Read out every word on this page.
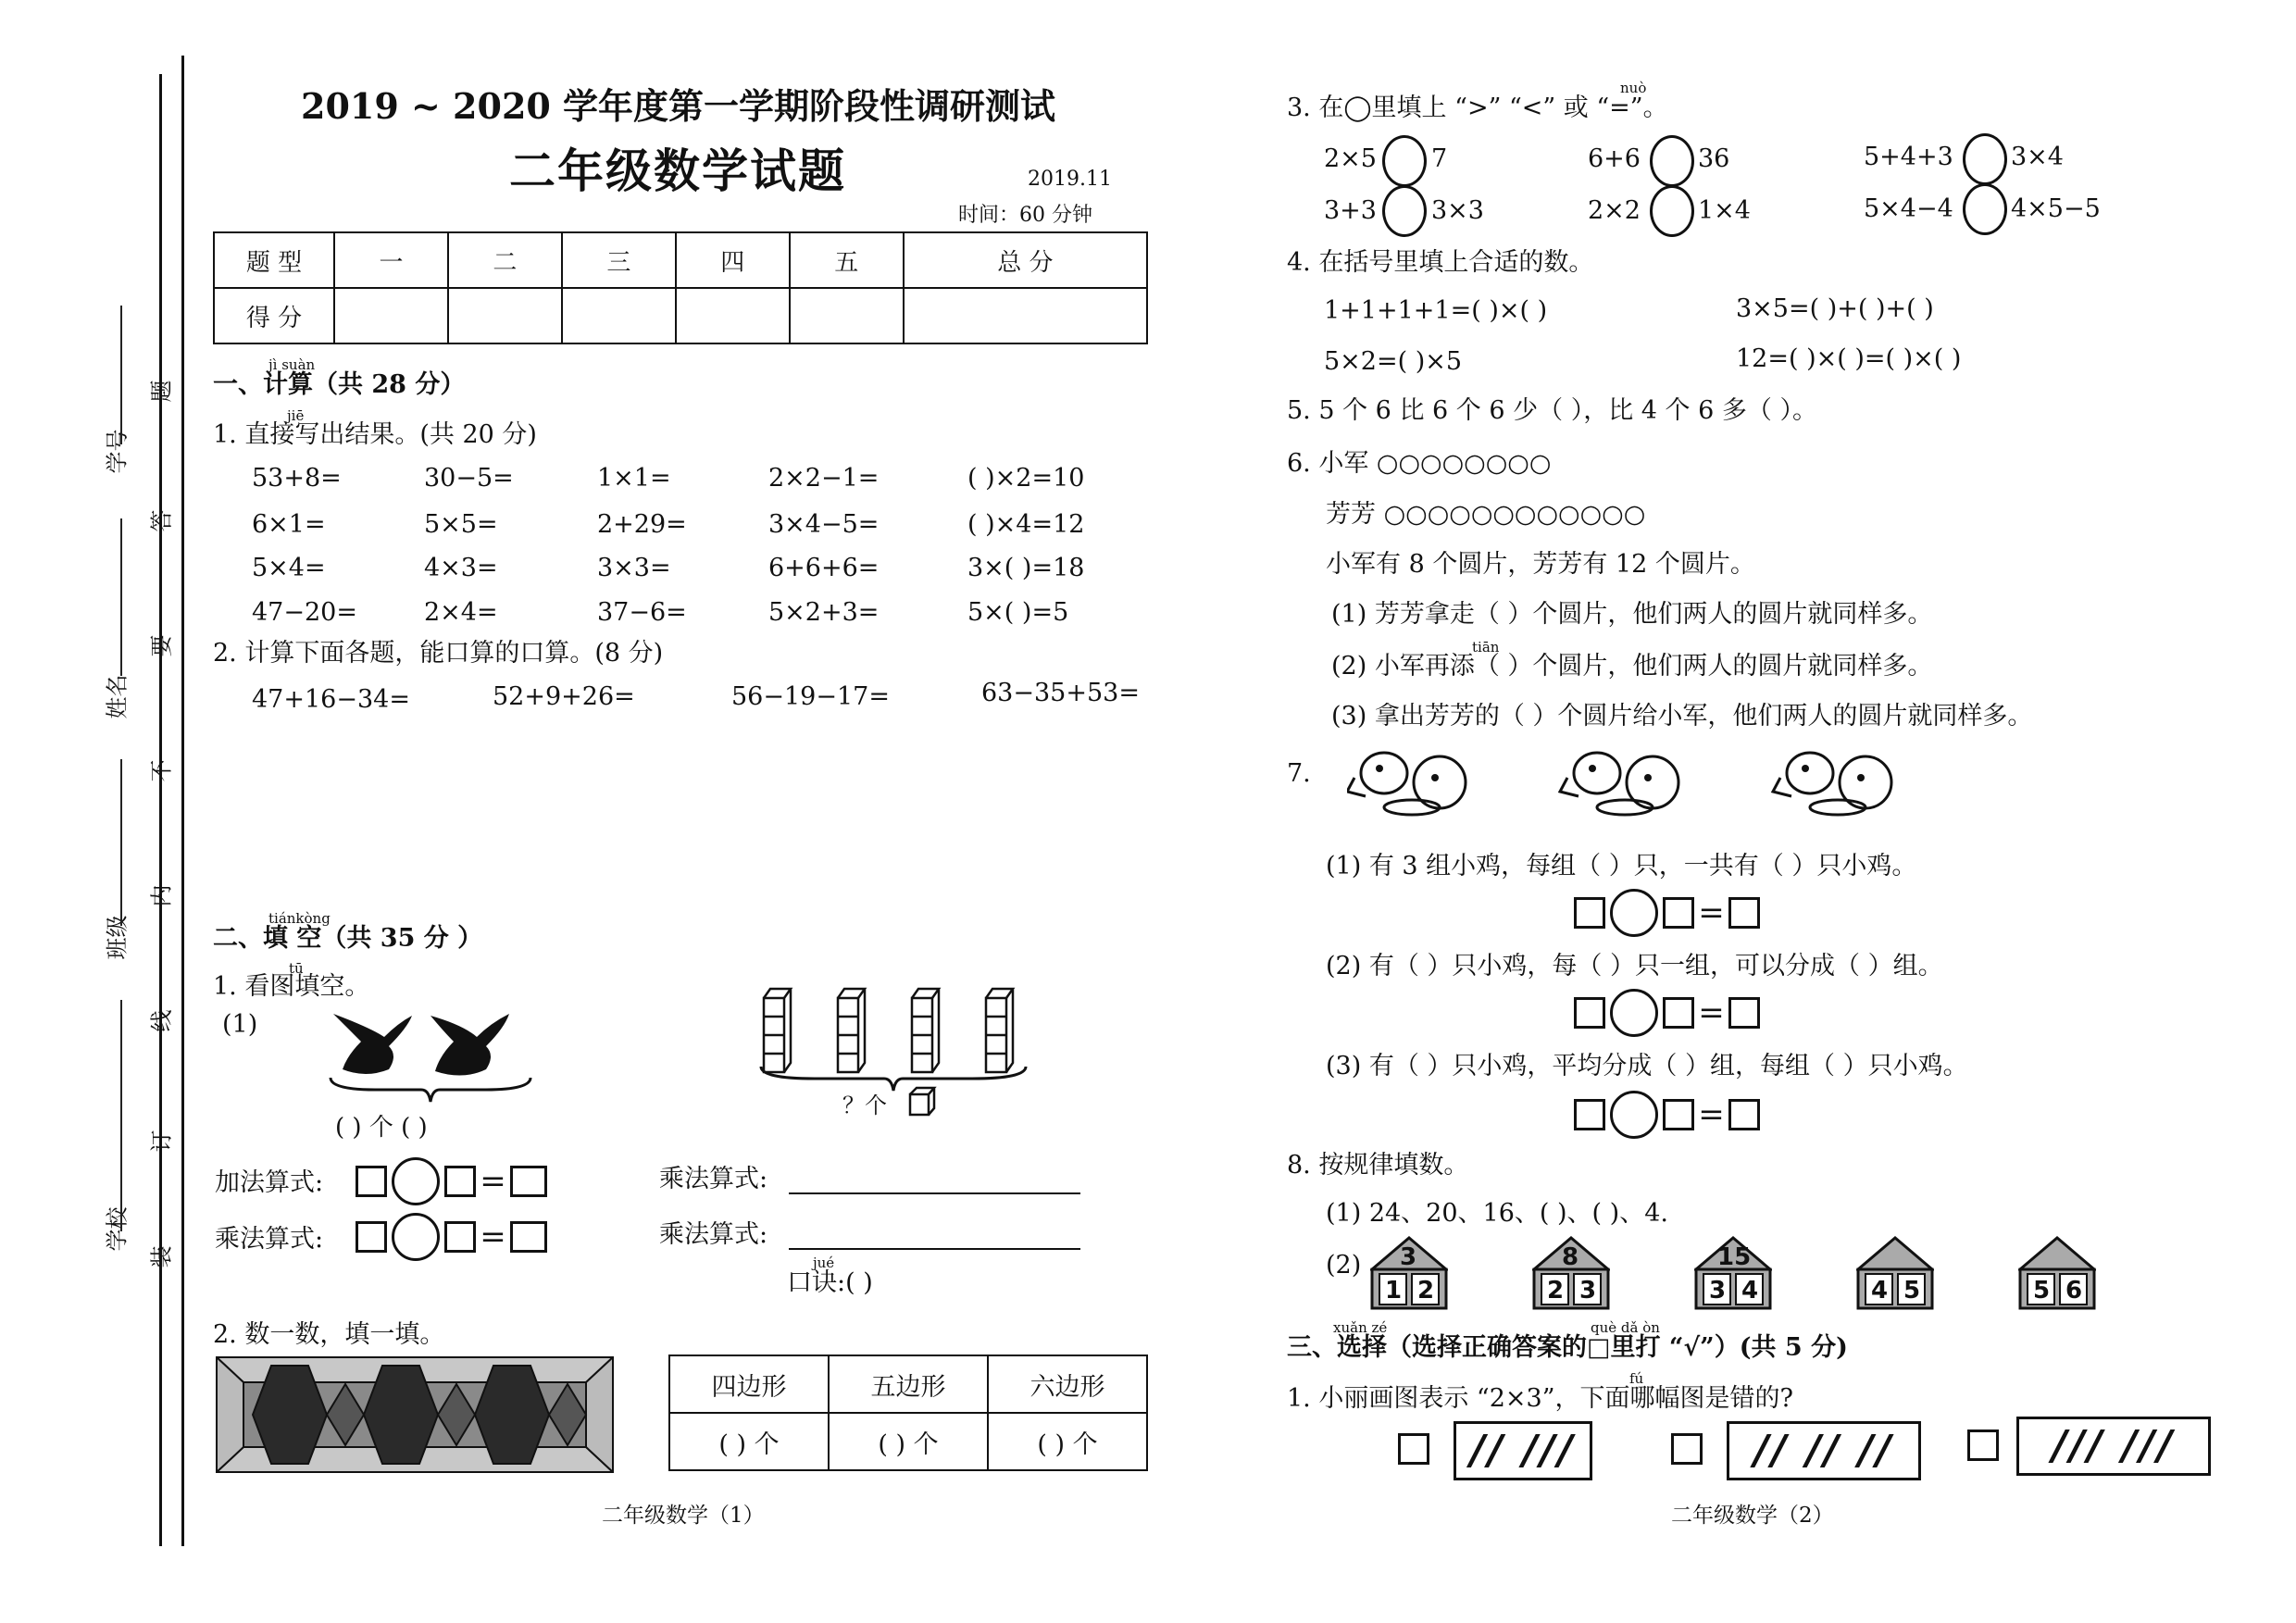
学号
姓名
班级
学校
题
答
要
不
内
线
订
装
2019 ~ 2020 学年度第一学期阶段性调研测试
二年级数学试题	2019.11
时间：60 分钟
题 型	一	二	三	四	五	总 分
得 分						
jì suàn
一、计算（共 28 分）
jiē
1. 直接写出结果。(共 20 分)
53+8=	30−5=	1×1=	2×2−1=	( )×2=10
6×1=	5×5=	2+29=	3×4−5=	( )×4=12
5×4=	4×3=	3×3=	6+6+6=	3×( )=18
47−20=	2×4=	37−6=	5×2+3=	5×( )=5
2. 计算下面各题，能口算的口算。(8 分)
47+16−34=	52+9+26=	56−19−17=	63−35+53=
tiánkòng
二、填 空（共 35 分 ）
tū
1. 看图填空。
(1)
( ) 个 ( )
？个
加法算式:	=
乘法算式:	=
乘法算式:
乘法算式:
jué
口诀:( )
2. 数一数，填一填。
四边形	五边形	六边形
( ) 个	( ) 个	( ) 个
二年级数学（1）
nuò
3. 在◯里填上 “>” “<” 或 “=”。
2×5 7	6+6 36	5+4+3 3×4
3+3 3×3	2×2 1×4	5×4−4 4×5−5
4. 在括号里填上合适的数。
1+1+1+1=( )×( )	3×5=( )+( )+( )
5×2=( )×5	12=( )×( )=( )×( )
5. 5 个 6 比 6 个 6 少（ ），比 4 个 6 多（ ）。
6. 小军 ○○○○○○○○
芳芳 ○○○○○○○○○○○○
小军有 8 个圆片，芳芳有 12 个圆片。
(1) 芳芳拿走（ ）个圆片，他们两人的圆片就同样多。
tiān
(2) 小军再添（ ）个圆片，他们两人的圆片就同样多。
(3) 拿出芳芳的（ ）个圆片给小军，他们两人的圆片就同样多。
7.
(1) 有 3 组小鸡，每组（ ）只，一共有（ ）只小鸡。
=
(2) 有（ ）只小鸡，每（ ）只一组，可以分成（ ）组。
=
(3) 有（ ）只小鸡，平均分成（ ）组，每组（ ）只小鸡。
=
8. 按规律填数。
(1) 24、20、16、( )、( )、4.
(2) 3
1 2
8
2 3
15
3 4	4 5	5 6
xuǎn zé	què dǎ òn
三、选择（选择正确答案的□里打 “√”）(共 5 分)
fú
1. 小丽画图表示 “2×3”，下面哪幅图是错的?
// ///	// // //	/// ///
二年级数学（2）
